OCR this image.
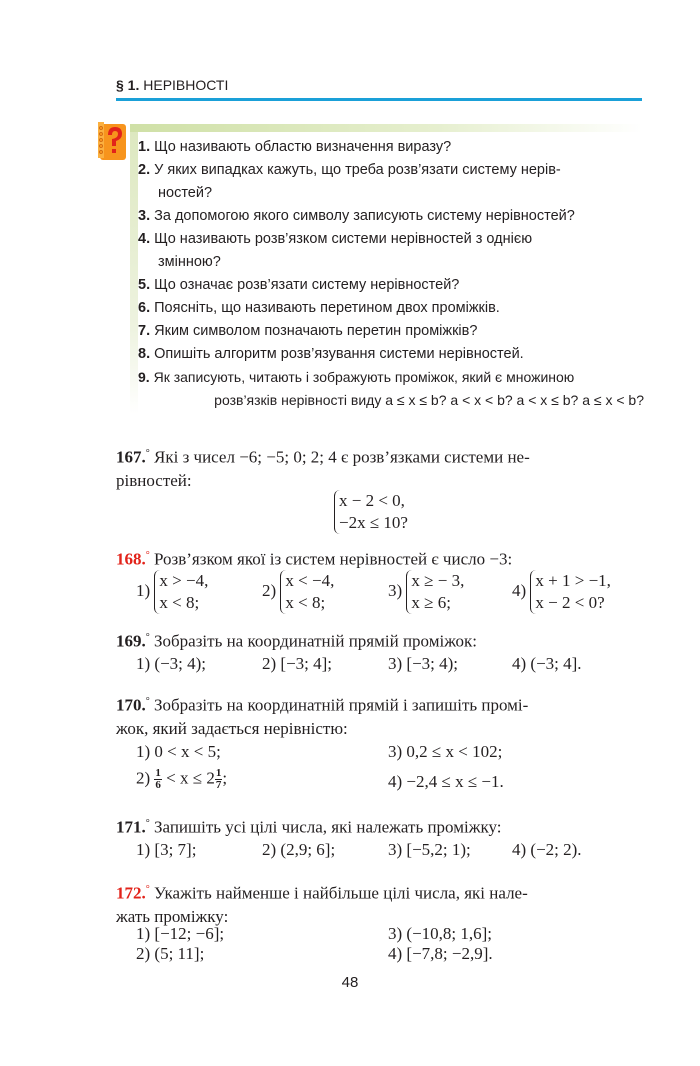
§ 1. НЕРІВНОСТІ

1. Що називають областю визначення виразу?

2. У яких випадках кажуть, що треба розв’язати систему нерів-
ностей?

3. За допомогою якого символу записують систему нерівностей?

4. Що називають розв’язком системи нерівностей з однією
змінною?

5. Що означає розв’язати систему нерівностей?

6. Поясніть, що називають перетином двох проміжків.

7. Яким символом позначають перетин проміжків?

8. Опишіть алгоритм розв’язування системи нерівностей.

9. Як записують, читають і зображують проміжок, який є множиною
розв’язків нерівності виду a ≤ x ≤ b? a < x < b? a < x ≤ b? a ≤ x < b?

167.° Які з чисел −6; −5; 0; 2; 4 є розв’язками системи не-
рівностей:
x − 2 < 0,
−2x ≤ 10?
168.° Розв’язком якої із систем нерівностей є число −3:
1)
x > −4,
x < 8;
2)
x < −4,
x < 8;
3)
x ≥ − 3,
x ≥ 6;
4)
x + 1 > −1,
x − 2 < 0?
169.° Зобразіть на координатній прямій проміжок:
1) (−3; 4);	2) [−3; 4];	3) [−3; 4);	4) (−3; 4].
170.° Зобразіть на координатній прямій і запишіть промі-
жок, який задається нерівністю:
1) 0 < x < 5;	3) 0,2 ≤ x < 102;
$2) \frac{1}{6} < x \le 2 \frac{1}{7}$ ;	4) −2,4 ≤ x ≤ −1.
171.° Запишіть усі цілі числа, які належать проміжку:
1) [3; 7];	2) (2,9; 6];	3) [−5,2; 1); 4) (−2; 2).
172.° Укажіть найменше і найбільше цілі числа, які нале-
жать проміжку:
1) [−12; −6];	3) (−10,8; 1,6];
2) (5; 11];	4) [−7,8; −2,9].
48
